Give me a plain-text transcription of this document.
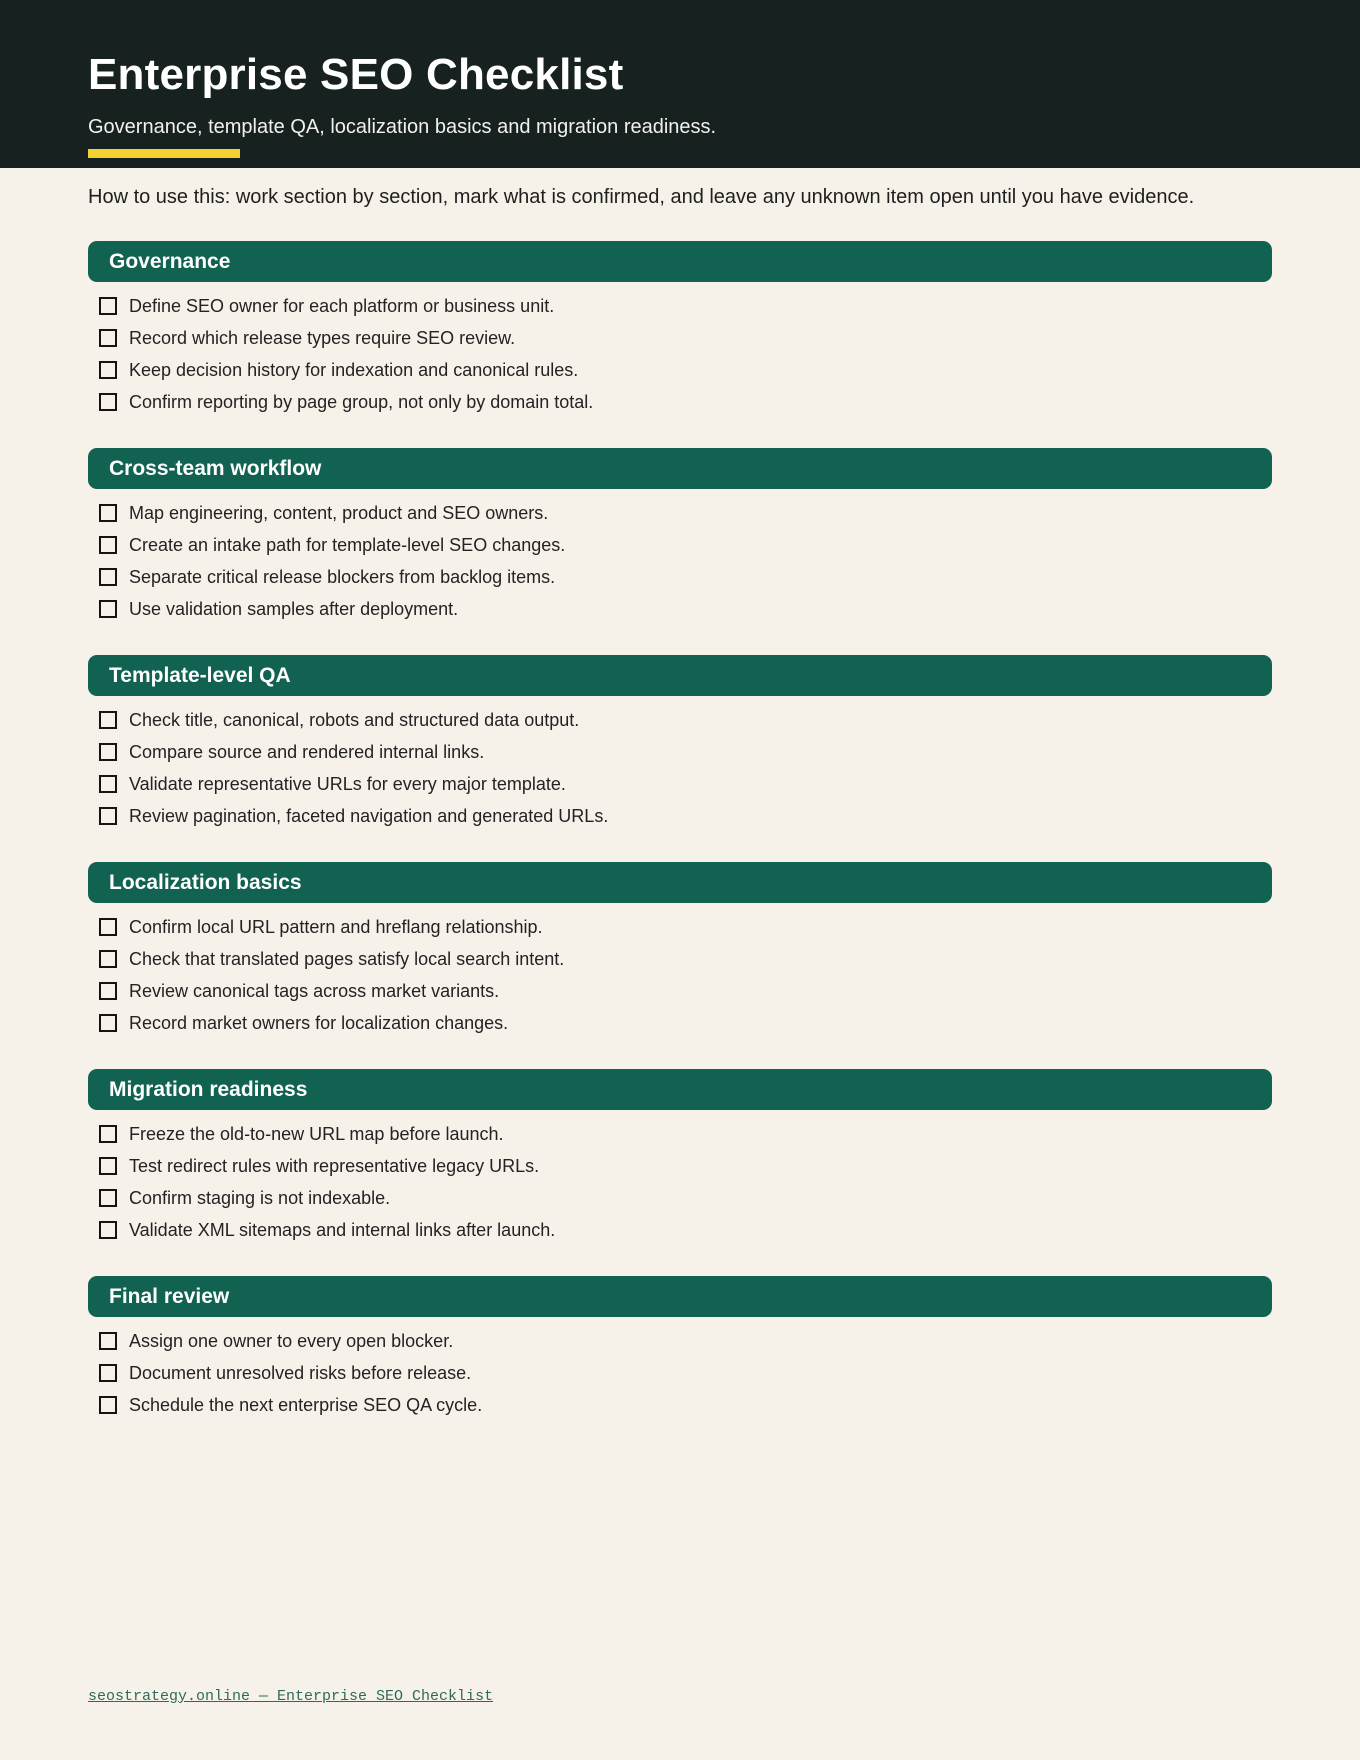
Enterprise SEO Checklist
Governance, template QA, localization basics and migration readiness.
How to use this: work section by section, mark what is confirmed, and leave any unknown item open until you have evidence.
Governance
Define SEO owner for each platform or business unit.
Record which release types require SEO review.
Keep decision history for indexation and canonical rules.
Confirm reporting by page group, not only by domain total.
Cross-team workflow
Map engineering, content, product and SEO owners.
Create an intake path for template-level SEO changes.
Separate critical release blockers from backlog items.
Use validation samples after deployment.
Template-level QA
Check title, canonical, robots and structured data output.
Compare source and rendered internal links.
Validate representative URLs for every major template.
Review pagination, faceted navigation and generated URLs.
Localization basics
Confirm local URL pattern and hreflang relationship.
Check that translated pages satisfy local search intent.
Review canonical tags across market variants.
Record market owners for localization changes.
Migration readiness
Freeze the old-to-new URL map before launch.
Test redirect rules with representative legacy URLs.
Confirm staging is not indexable.
Validate XML sitemaps and internal links after launch.
Final review
Assign one owner to every open blocker.
Document unresolved risks before release.
Schedule the next enterprise SEO QA cycle.
seostrategy.online — Enterprise SEO Checklist
